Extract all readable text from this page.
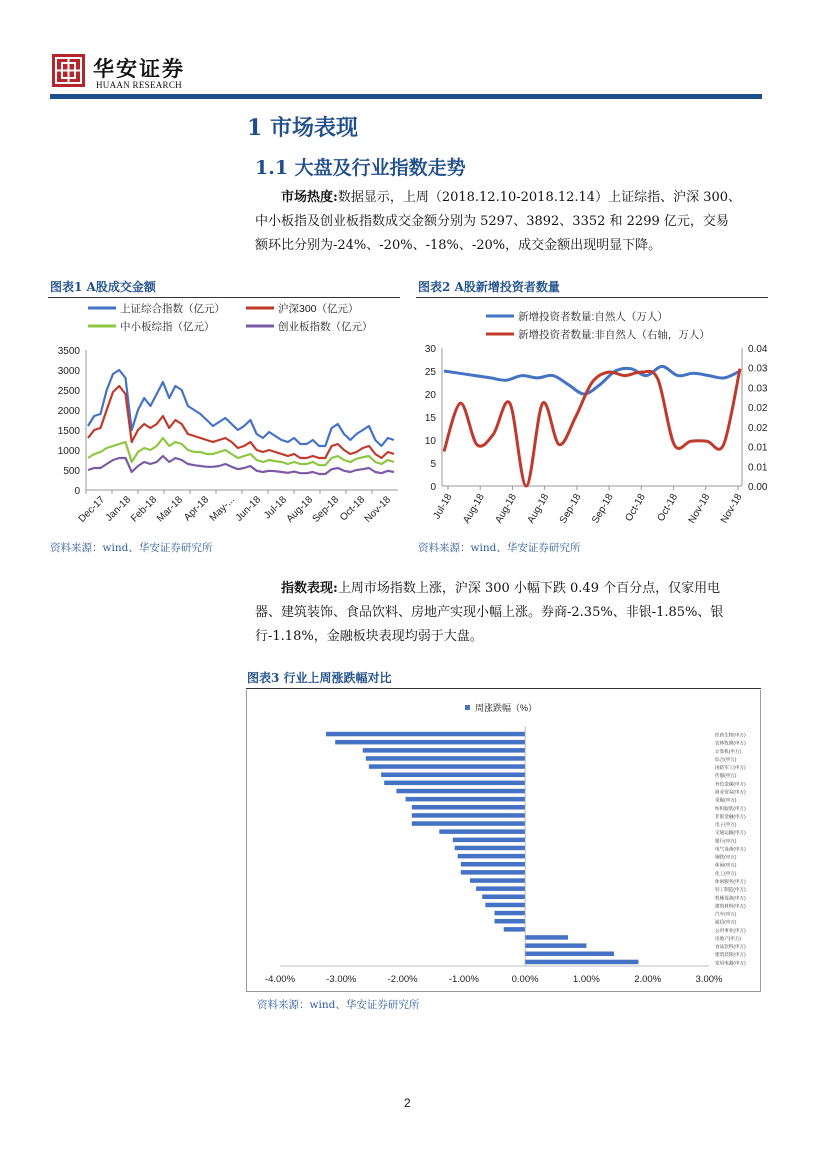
华安证券
HUAAN RESEARCH
1 市场表现
1.1 大盘及行业指数走势
市场热度:数据显示，上周（2018.12.10-2018.12.14）上证综指、沪深 300、
中小板指及创业板指数成交金额分别为 5297、3892、3352 和 2299 亿元，交易
额环比分别为-24%、-20%、-18%、-20%，成交金额出现明显下降。
图表1 A股成交金额
上证综合指数（亿元）	沪深300（亿元）
中小板综指（亿元）	创业板指数（亿元）
3500
3000
2500
2000
1500
1000
500
0
Dec-17
Jan-18
Feb-18
Mar-18
Apr-18
May-...
Jun-18
Jul-18
Aug-18
Sep-18
Oct-18
Nov-18
资料来源：wind、华安证券研究所
图表2 A股新增投资者数量
新增投资者数量:自然人（万人）
新增投资者数量:非自然人（右轴，万人）
30
25
20
15
10
5
0
0.04
0.03
0.03
0.02
0.02
0.01
0.01
0.00
Jul-18 Aug-18 Aug-18 Aug-18 Sep-18 Sep-18 Oct-18 Oct-18 Nov-18 Nov-18
资料来源：wind、华安证券研究所
指数表现:上周市场指数上涨，沪深 300 小幅下跌 0.49 个百分点，仅家用电
器、建筑装饰、食品饮料、房地产实现小幅上涨。券商-2.35%、非银-1.85%、银
行-1.18%，金融板块表现均弱于大盘。
图表3 行业上周涨跌幅对比
周涨跌幅（%）
医药生物(申万)
农林牧渔(申万)
计算机(申万)
综合(申万)
国防军工(申万)
传媒(申万)
有色金属(申万)
商业贸易(申万)
采掘(申万)
纺织服装(申万)
非银金融(申万)
电子(申万)
交通运输(申万)
银行(申万)
电气设备(申万)
钢铁(申万)
休闲(申万)
化工(申万)
休闲服务(申万)
轻工制造(申万)
机械设备(申万)
建筑材料(申万)
汽车(申万)
通信(申万)
公用事业(申万)
房地产(申万)
食品饮料(申万)
建筑装饰(申万)
家用电器(申万)
-4.00%	-3.00%	-2.00%	-1.00%	0.00%	1.00%	2.00%	3.00%
资料来源：wind、华安证券研究所
2
